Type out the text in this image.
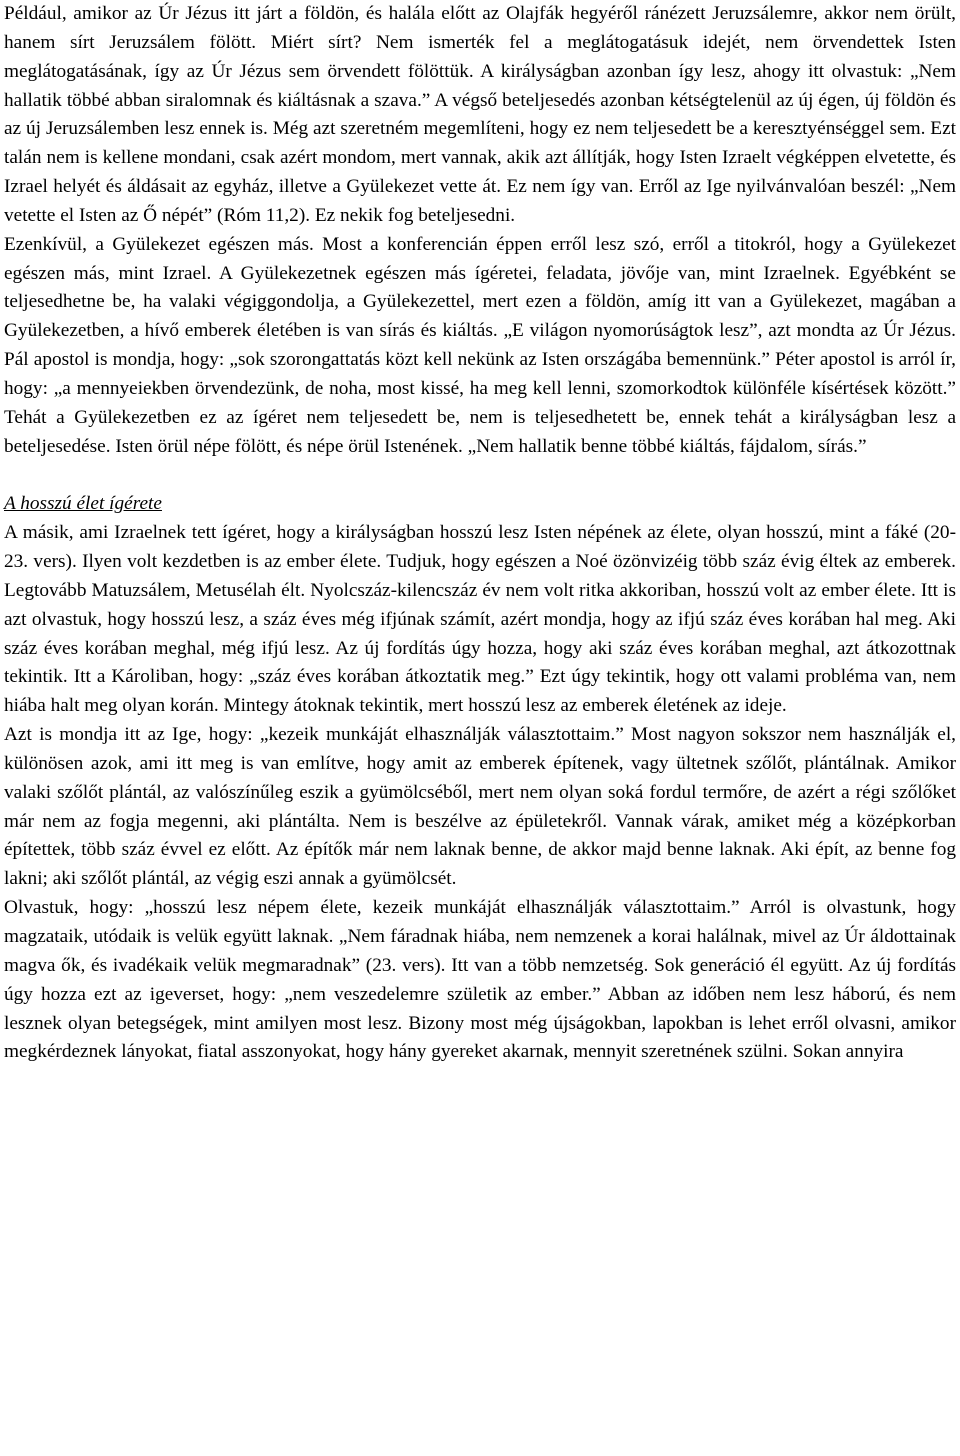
Például, amikor az Úr Jézus itt járt a földön, és halála előtt az Olajfák hegyéről ránézett Jeruzsálemre, akkor nem örült, hanem sírt Jeruzsálem fölött. Miért sírt? Nem ismerték fel a meglátogatásuk idejét, nem örvendettek Isten meglátogatásának, így az Úr Jézus sem örvendett fölöttük. A királyságban azonban így lesz, ahogy itt olvastuk: „Nem hallatik többé abban siralomnak és kiáltásnak a szava.” A végső beteljesedés azonban kétségtelenül az új égen, új földön és az új Jeruzsálemben lesz ennek is. Még azt szeretném megemlíteni, hogy ez nem teljesedett be a keresztyénséggel sem. Ezt talán nem is kellene mondani, csak azért mondom, mert vannak, akik azt állítják, hogy Isten Izraelt végképpen elvetette, és Izrael helyét és áldásait az egyház, illetve a Gyülekezet vette át. Ez nem így van. Erről az Ige nyilvánvalóan beszél: „Nem vetette el Isten az Ő népét” (Róm 11,2). Ez nekik fog beteljesedni.

Ezenkívül, a Gyülekezet egészen más. Most a konferencián éppen erről lesz szó, erről a titokról, hogy a Gyülekezet egészen más, mint Izrael. A Gyülekezetnek egészen más ígéretei, feladata, jövője van, mint Izraelnek. Egyébként se teljesedhetne be, ha valaki végiggondolja, a Gyülekezettel, mert ezen a földön, amíg itt van a Gyülekezet, magában a Gyülekezetben, a hívő emberek életében is van sírás és kiáltás. „E világon nyomorúságtok lesz”, azt mondta az Úr Jézus. Pál apostol is mondja, hogy: „sok szorongattatás közt kell nekünk az Isten országába bemennünk.” Péter apostol is arról ír, hogy: „a mennyeiekben örvendezünk, de noha, most kissé, ha meg kell lenni, szomorkodtok különféle kísértések között.” Tehát a Gyülekezetben ez az ígéret nem teljesedett be, nem is teljesedhetett be, ennek tehát a királyságban lesz a beteljesedése. Isten örül népe fölött, és népe örül Istenének. „Nem hallatik benne többé kiáltás, fájdalom, sírás.”

A hosszú élet ígérete

A másik, ami Izraelnek tett ígéret, hogy a királyságban hosszú lesz Isten népének az élete, olyan hosszú, mint a fáké (20-23. vers). Ilyen volt kezdetben is az ember élete. Tudjuk, hogy egészen a Noé özönvizéig több száz évig éltek az emberek. Legtovább Matuzsálem, Metusélah élt. Nyolcszáz-kilencszáz év nem volt ritka akkoriban, hosszú volt az ember élete. Itt is azt olvastuk, hogy hosszú lesz, a száz éves még ifjúnak számít, azért mondja, hogy az ifjú száz éves korában hal meg. Aki száz éves korában meghal, még ifjú lesz. Az új fordítás úgy hozza, hogy aki száz éves korában meghal, azt átkozottnak tekintik. Itt a Károliban, hogy: „száz éves korában átkoztatik meg.” Ezt úgy tekintik, hogy ott valami probléma van, nem hiába halt meg olyan korán. Mintegy átoknak tekintik, mert hosszú lesz az emberek életének az ideje.

Azt is mondja itt az Ige, hogy: „kezeik munkáját elhasználják választottaim.” Most nagyon sokszor nem használják el, különösen azok, ami itt meg is van említve, hogy amit az emberek építenek, vagy ültetnek szőlőt, plántálnak. Amikor valaki szőlőt plántál, az valószínűleg eszik a gyümölcséből, mert nem olyan soká fordul termőre, de azért a régi szőlőket már nem az fogja megenni, aki plántálta. Nem is beszélve az épületekről. Vannak várak, amiket még a középkorban építettek, több száz évvel ez előtt. Az építők már nem laknak benne, de akkor majd benne laknak. Aki épít, az benne fog lakni; aki szőlőt plántál, az végig eszi annak a gyümölcsét.

Olvastuk, hogy: „hosszú lesz népem élete, kezeik munkáját elhasználják választottaim.” Arról is olvastunk, hogy magzataik, utódaik is velük együtt laknak. „Nem fáradnak hiába, nem nemzenek a korai halálnak, mivel az Úr áldottainak magva ők, és ivadékaik velük megmaradnak” (23. vers). Itt van a több nemzetség. Sok generáció él együtt. Az új fordítás úgy hozza ezt az igeverset, hogy: „nem veszedelemre születik az ember.” Abban az időben nem lesz háború, és nem lesznek olyan betegségek, mint amilyen most lesz. Bizony most még újságokban, lapokban is lehet erről olvasni, amikor megkérdeznek lányokat, fiatal asszonyokat, hogy hány gyereket akarnak, mennyit szeretnének szülni. Sokan annyira
